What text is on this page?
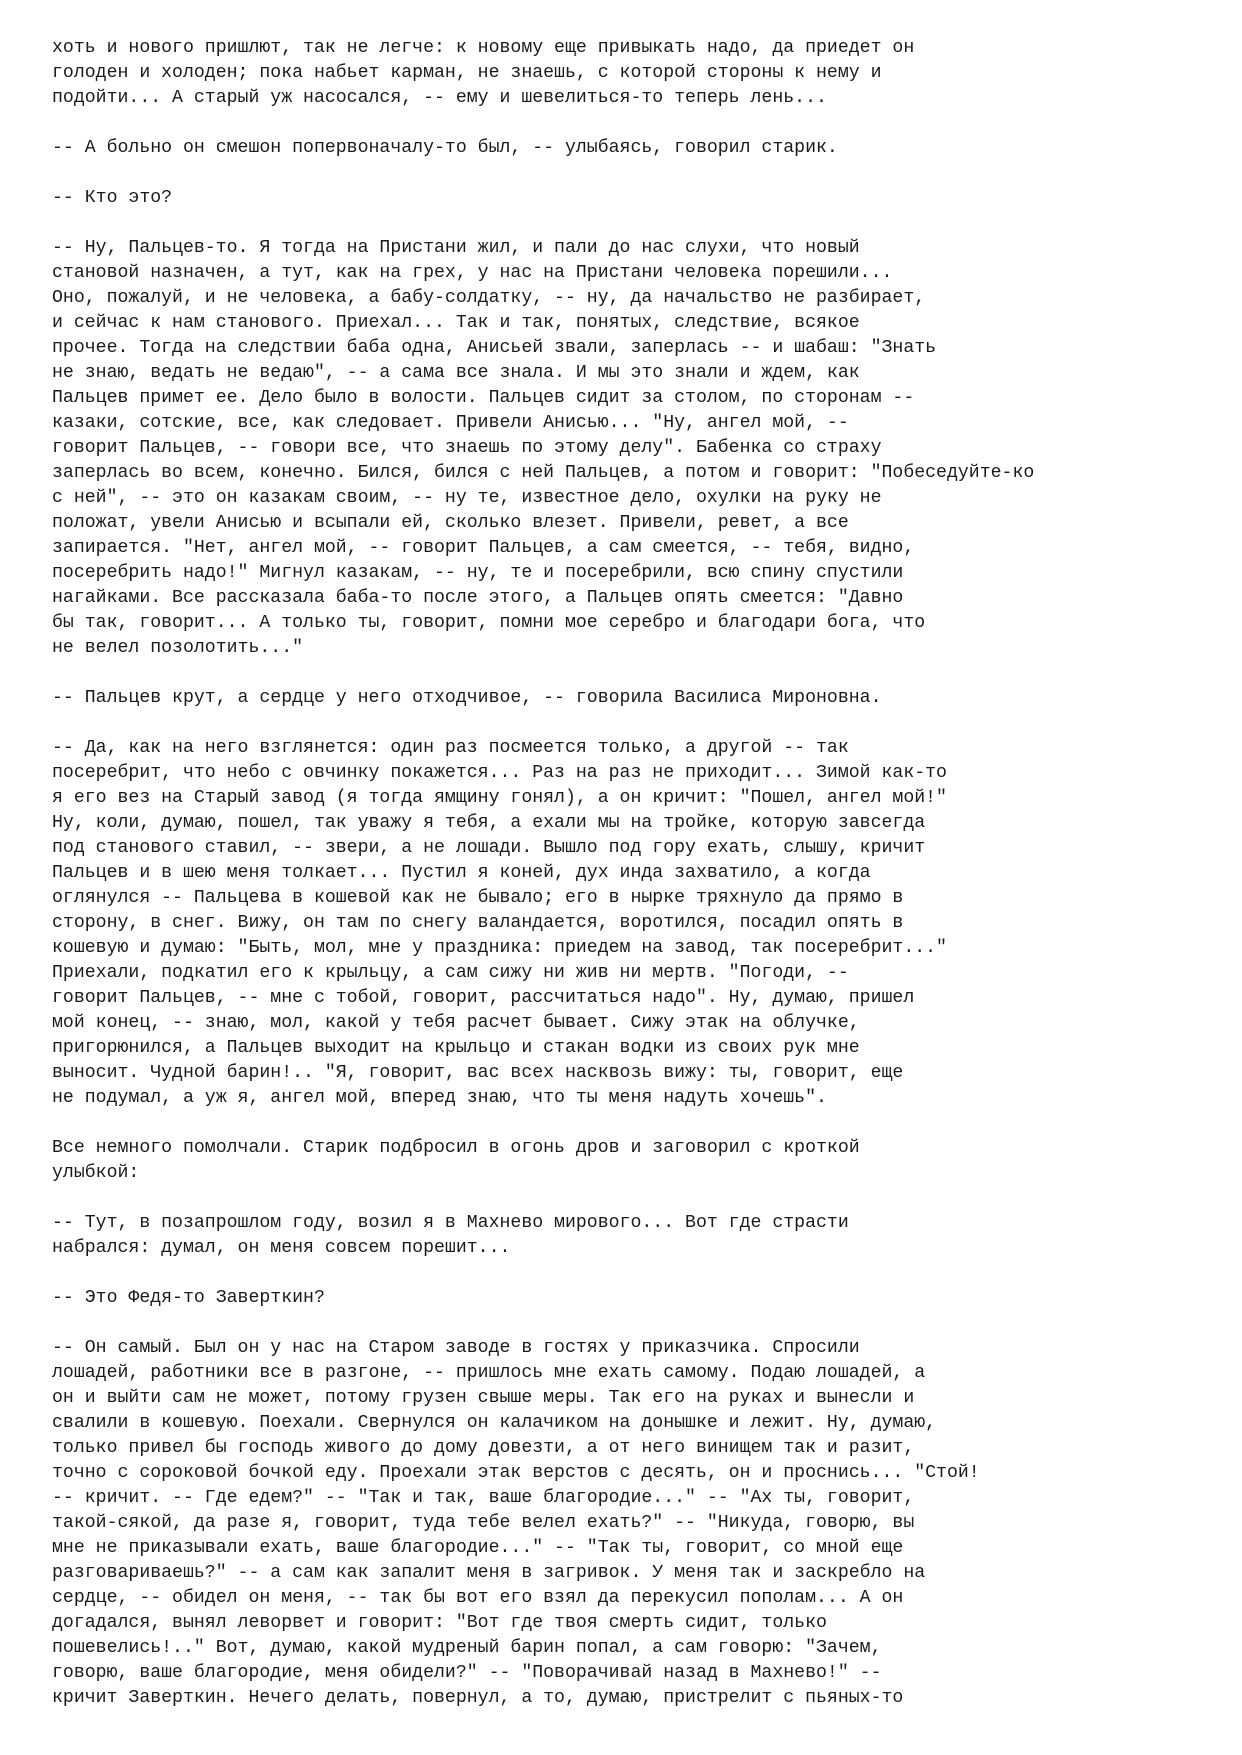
хоть и нового пришлют, так не легче: к новому еще привыкать надо, да приедет он
голоден и холоден; пока набьет карман, не знаешь, с которой стороны к нему и
подойти... А старый уж насосался, -- ему и шевелиться-то теперь лень...
-- А больно он смешон попервоначалу-то был, -- улыбаясь, говорил старик.
-- Кто это?
-- Ну, Пальцев-то. Я тогда на Пристани жил, и пали до нас слухи, что новый
становой назначен, а тут, как на грех, у нас на Пристани человека порешили...
Оно, пожалуй, и не человека, а бабу-солдатку, -- ну, да начальство не разбирает,
и сейчас к нам станового. Приехал... Так и так, понятых, следствие, всякое
прочее. Тогда на следствии баба одна, Анисьей звали, заперлась -- и шабаш: "Знать
не знаю, ведать не ведаю", -- а сама все знала. И мы это знали и ждем, как
Пальцев примет ее. Дело было в волости. Пальцев сидит за столом, по сторонам --
казаки, сотские, все, как следовает. Привели Анисью... "Ну, ангел мой, --
говорит Пальцев, -- говори все, что знаешь по этому делу". Бабенка со страху
заперлась во всем, конечно. Бился, бился с ней Пальцев, а потом и говорит: "Побеседуйте-ко
с ней", -- это он казакам своим, -- ну те, известное дело, охулки на руку не
положат, увели Анисью и всыпали ей, сколько влезет. Привели, ревет, а все
запирается. "Нет, ангел мой, -- говорит Пальцев, а сам смеется, -- тебя, видно,
посеребрить надо!" Мигнул казакам, -- ну, те и посеребрили, всю спину спустили
нагайками. Все рассказала баба-то после этого, а Пальцев опять смеется: "Давно
бы так, говорит... А только ты, говорит, помни мое серебро и благодари бога, что
не велел позолотить..."
-- Пальцев крут, а сердце у него отходчивое, -- говорила Василиса Мироновна.
-- Да, как на него взглянется: один раз посмеется только, а другой -- так
посеребрит, что небо с овчинку покажется... Раз на раз не приходит... Зимой как-то
я его вез на Старый завод (я тогда ямщину гонял), а он кричит: "Пошел, ангел мой!"
Ну, коли, думаю, пошел, так уважу я тебя, а ехали мы на тройке, которую завсегда
под станового ставил, -- звери, а не лошади. Вышло под гору ехать, слышу, кричит
Пальцев и в шею меня толкает... Пустил я коней, дух инда захватило, а когда
оглянулся -- Пальцева в кошевой как не бывало; его в нырке тряхнуло да прямо в
сторону, в снег. Вижу, он там по снегу валандается, воротился, посадил опять в
кошевую и думаю: "Быть, мол, мне у праздника: приедем на завод, так посеребрит..."
Приехали, подкатил его к крыльцу, а сам сижу ни жив ни мертв. "Погоди, --
говорит Пальцев, -- мне с тобой, говорит, рассчитаться надо". Ну, думаю, пришел
мой конец, -- знаю, мол, какой у тебя расчет бывает. Сижу этак на облучке,
пригорюнился, а Пальцев выходит на крыльцо и стакан водки из своих рук мне
выносит. Чудной барин!.. "Я, говорит, вас всех насквозь вижу: ты, говорит, еще
не подумал, а уж я, ангел мой, вперед знаю, что ты меня надуть хочешь".
Все немного помолчали. Старик подбросил в огонь дров и заговорил с кроткой
улыбкой:
-- Тут, в позапрошлом году, возил я в Махнево мирового... Вот где страсти
набрался: думал, он меня совсем порешит...
-- Это Федя-то Заверткин?
-- Он самый. Был он у нас на Старом заводе в гостях у приказчика. Спросили
лошадей, работники все в разгоне, -- пришлось мне ехать самому. Подаю лошадей, а
он и выйти сам не может, потому грузен свыше меры. Так его на руках и вынесли и
свалили в кошевую. Поехали. Свернулся он калачиком на донышке и лежит. Ну, думаю,
только привел бы господь живого до дому довезти, а от него винищем так и разит,
точно с сороковой бочкой еду. Проехали этак верстов с десять, он и проснись... "Стой!
-- кричит. -- Где едем?" -- "Так и так, ваше благородие..." -- "Ах ты, говорит,
такой-сякой, да разе я, говорит, туда тебе велел ехать?" -- "Никуда, говорю, вы
мне не приказывали ехать, ваше благородие..." -- "Так ты, говорит, со мной еще
разговариваешь?" -- а сам как запалит меня в загривок. У меня так и заскребло на
сердце, -- обидел он меня, -- так бы вот его взял да перекусил пополам... А он
догадался, вынял леворвет и говорит: "Вот где твоя смерть сидит, только
пошевелись!.." Вот, думаю, какой мудреный барин попал, а сам говорю: "Зачем,
говорю, ваше благородие, меня обидели?" -- "Поворачивай назад в Махнево!" --
кричит Заверткин. Нечего делать, повернул, а то, думаю, пристрелит с пьяных-то
